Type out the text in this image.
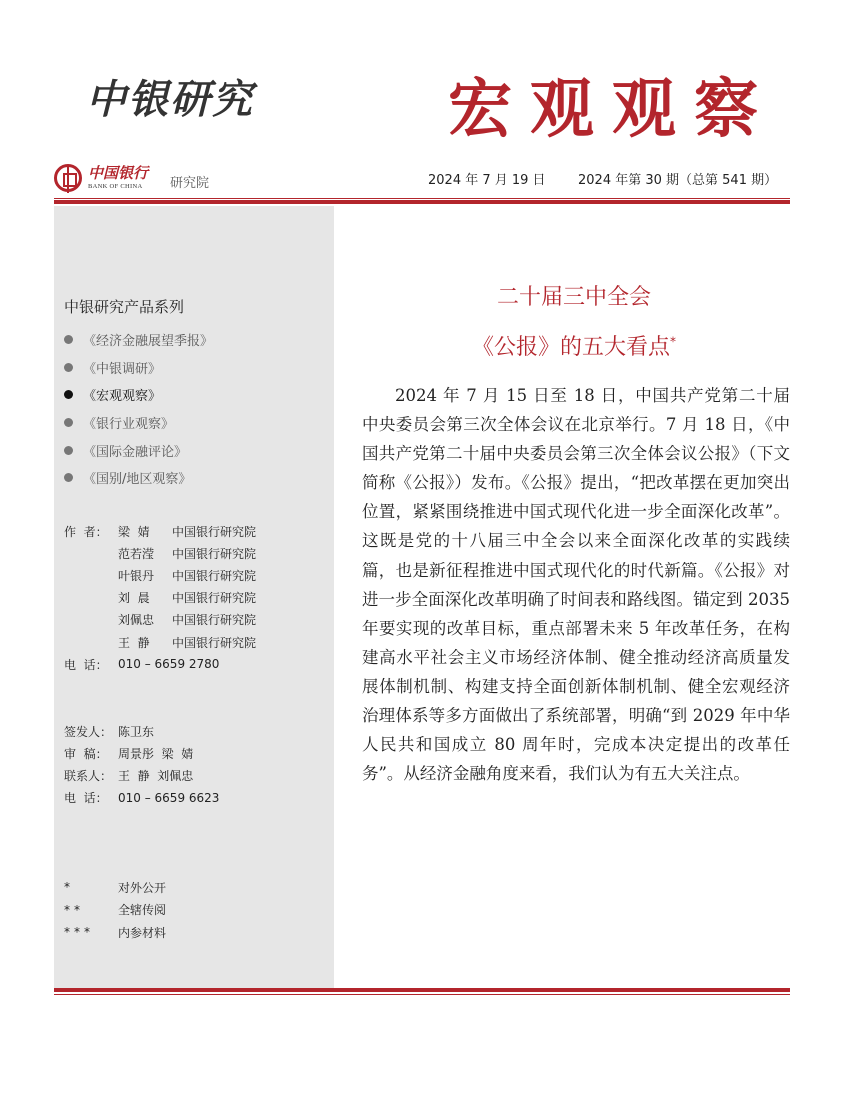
中银研究	宏观观察
中国银行
BANK OF CHINA 研究院	2024 年 7 月 19 日 2024 年第 30 期（总第 541 期）
中银研究产品系列
《经济金融展望季报》
《中银调研》
《宏观观察》
《银行业观察》
《国际金融评论》
《国别/地区观察》
作  者： 梁  婧	中国银行研究院
范若滢	中国银行研究院
叶银丹	中国银行研究院
刘  晨	中国银行研究院
刘佩忠	中国银行研究院
王  静	中国银行研究院
电  话： 010 – 6659 2780
签发人： 陈卫东
审  稿： 周景彤  梁  婧
联系人： 王  静  刘佩忠
电  话： 010 – 6659 6623
*	对外公开
**	全辖传阅
***	内参材料
二十届三中全会
《公报》的五大看点*

2024 年 7 月 15 日至 18 日，中国共产党第二十届中央委员会第三次全体会议在北京举行。7 月 18 日，《中国共产党第二十届中央委员会第三次全体会议公报》（下文简称《公报》）发布。《公报》提出，“把改革摆在更加突出位置，紧紧围绕推进中国式现代化进一步全面深化改革”。这既是党的十八届三中全会以来全面深化改革的实践续篇，也是新征程推进中国式现代化的时代新篇。《公报》对进一步全面深化改革明确了时间表和路线图。锚定到 2035 年要实现的改革目标，重点部署未来 5 年改革任务，在构建高水平社会主义市场经济体制、健全推动经济高质量发展体制机制、构建支持全面创新体制机制、健全宏观经济治理体系等多方面做出了系统部署，明确“到 2029 年中华人民共和国成立 80 周年时，完成本决定提出的改革任务”。从经济金融角度来看，我们认为有五大关注点。
